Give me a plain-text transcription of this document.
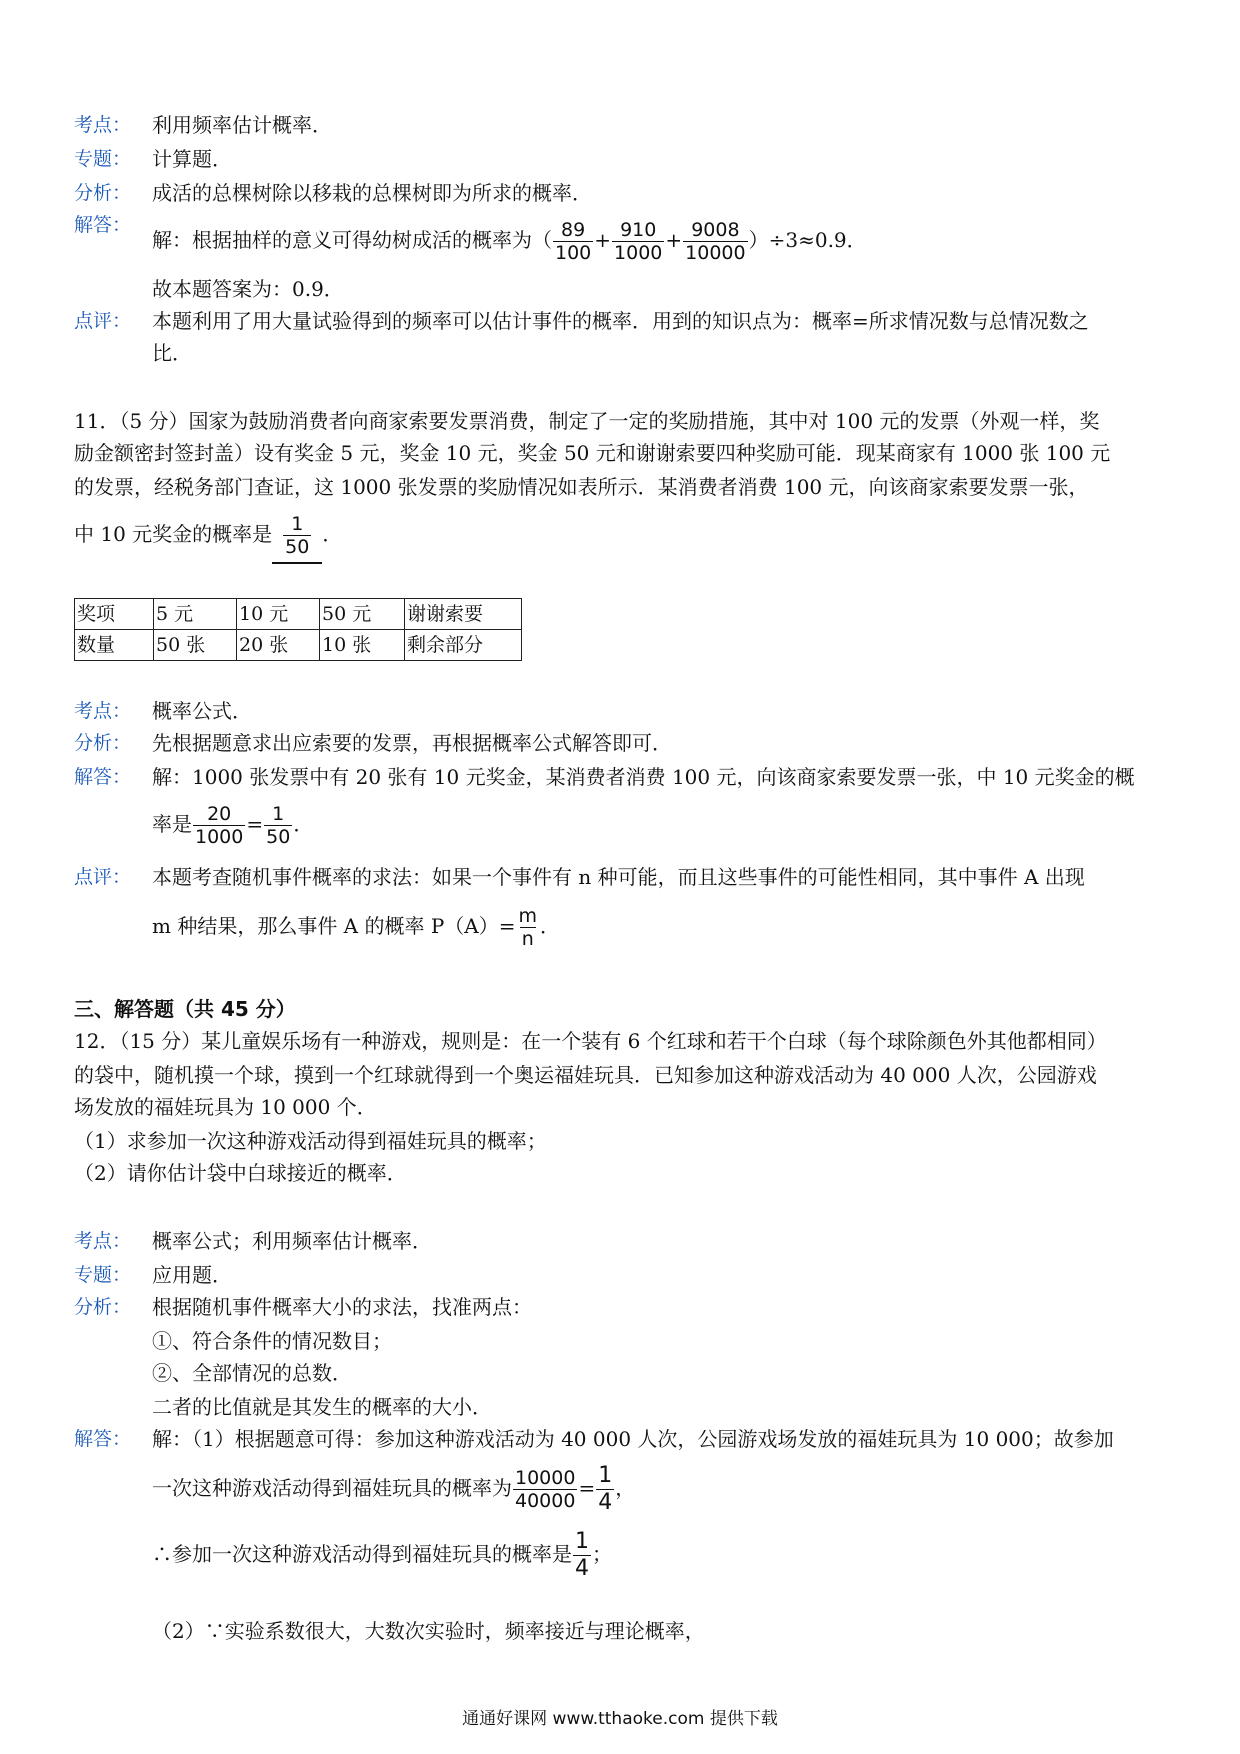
考点： 利用频率估计概率．
专题： 计算题．
分析： 成活的总棵树除以移栽的总棵树即为所求的概率．
解答：
解：根据抽样的意义可得幼树成活的概率为（ $\frac{89}{100} + \frac{910}{1000} + \frac{9008}{10000} )\div 3\approx 0.9$．
故本题答案为：0.9．
点评： 本题利用了用大量试验得到的频率可以估计事件的概率．用到的知识点为：概率=所求情况数与总情况数之
比．
11．（5 分）国家为鼓励消费者向商家索要发票消费，制定了一定的奖励措施，其中对 100 元的发票（外观一样，奖
励金额密封签封盖）设有奖金 5 元，奖金 10 元，奖金 50 元和谢谢索要四种奖励可能．现某商家有 1000 张 100 元
的发票，经税务部门查证，这 1000 张发票的奖励情况如表所示．某消费者消费 100 元，向该商家索要发票一张，
中 10 元奖金的概率是 $\frac{1}{50}$ ．
奖项	5 元	10 元	50 元	谢谢索要
数量	50 张	20 张	10 张	剩余部分
考点： 概率公式．
分析： 先根据题意求出应索要的发票，再根据概率公式解答即可．
解答： 解：1000 张发票中有 20 张有 10 元奖金，某消费者消费 100 元，向该商家索要发票一张，中 10 元奖金的概
率是 $\frac{20}{1000} = \frac{1}{50}$ ．
点评： 本题考查随机事件概率的求法：如果一个事件有 n 种可能，而且这些事件的可能性相同，其中事件 A 出现
m 种结果，那么事件 A 的概率 $P(A)= \frac{m}{n}$ ．
三、解答题（共 45 分）
12．（15 分）某儿童娱乐场有一种游戏，规则是：在一个装有 6 个红球和若干个白球（每个球除颜色外其他都相同）
的袋中，随机摸一个球，摸到一个红球就得到一个奥运福娃玩具．已知参加这种游戏活动为 40 000 人次，公园游戏
场发放的福娃玩具为 10 000 个．
（1）求参加一次这种游戏活动得到福娃玩具的概率；
（2）请你估计袋中白球接近的概率．
考点： 概率公式；利用频率估计概率．
专题： 应用题．
分析： 根据随机事件概率大小的求法，找准两点：
①、符合条件的情况数目；
②、全部情况的总数．
二者的比值就是其发生的概率的大小．
解答： 解：（1）根据题意可得：参加这种游戏活动为 40 000 人次，公园游戏场发放的福娃玩具为 10 000；故参加
一次这种游戏活动得到福娃玩具的概率为 $\frac{10000}{40000} = \frac{1}{4}$ ，
∴参加一次这种游戏活动得到福娃玩具的概率是 $\frac{1}{4}$ ；
（2）∵实验系数很大，大数次实验时，频率接近与理论概率，
通通好课网 www.tthaoke.com 提供下载
